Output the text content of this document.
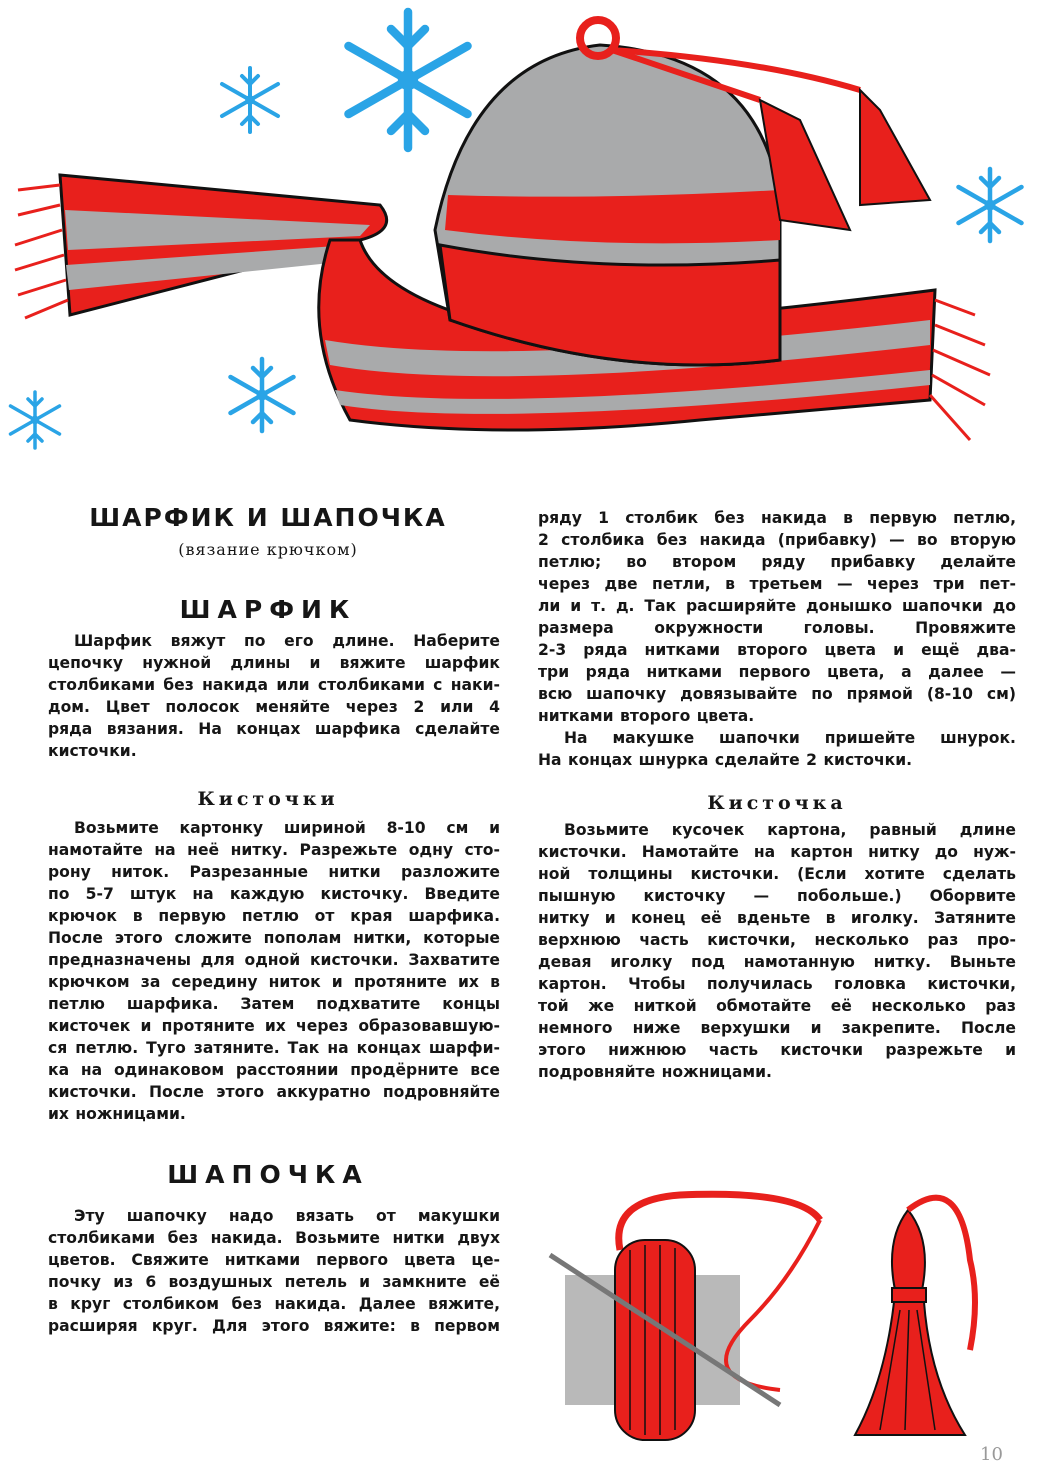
ШАРФИК И ШАПОЧКА
(вязание крючком)
ШАРФИК
Шарфик вяжут по его длине. Наберите
цепочку нужной длины и вяжите шарфик
столбиками без накида или столбиками с наки-
дом. Цвет полосок меняйте через 2 или 4
ряда вязания. На концах шарфика сделайте
кисточки.
Кисточки
Возьмите картонку шириной 8-10 см и
намотайте на неё нитку. Разрежьте одну сто-
рону ниток. Разрезанные нитки разложите
по 5-7 штук на каждую кисточку. Введите
крючок в первую петлю от края шарфика.
После этого сложите пополам нитки, которые
предназначены для одной кисточки. Захватите
крючком за середину ниток и протяните их в
петлю шарфика. Затем подхватите концы
кисточек и протяните их через образовавшую-
ся петлю. Туго затяните. Так на концах шарфи-
ка на одинаковом расстоянии продёрните все
кисточки. После этого аккуратно подровняйте
их ножницами.
ШАПОЧКА
Эту шапочку надо вязать от макушки
столбиками без накида. Возьмите нитки двух
цветов. Свяжите нитками первого цвета це-
почку из 6 воздушных петель и замкните её
в круг столбиком без накида. Далее вяжите,
расширяя круг. Для этого вяжите: в первом
ряду 1 столбик без накида в первую петлю,
2 столбика без накида (прибавку) — во вторую
петлю; во втором ряду прибавку делайте
через две петли, в третьем — через три пет-
ли и т. д. Так расширяйте донышко шапочки до
размера окружности головы. Провяжите
2-3 ряда нитками второго цвета и ещё два-
три ряда нитками первого цвета, а далее —
всю шапочку довязывайте по прямой (8-10 см)
нитками второго цвета.
На макушке шапочки пришейте шнурок.
На концах шнурка сделайте 2 кисточки.
Кисточка
Возьмите кусочек картона, равный длине
кисточки. Намотайте на картон нитку до нуж-
ной толщины кисточки. (Если хотите сделать
пышную кисточку — побольше.) Оборвите
нитку и конец её вденьте в иголку. Затяните
верхнюю часть кисточки, несколько раз про-
девая иголку под намотанную нитку. Выньте
картон. Чтобы получилась головка кисточки,
той же ниткой обмотайте её несколько раз
немного ниже верхушки и закрепите. После
этого нижнюю часть кисточки разрежьте и
подровняйте ножницами.
10
